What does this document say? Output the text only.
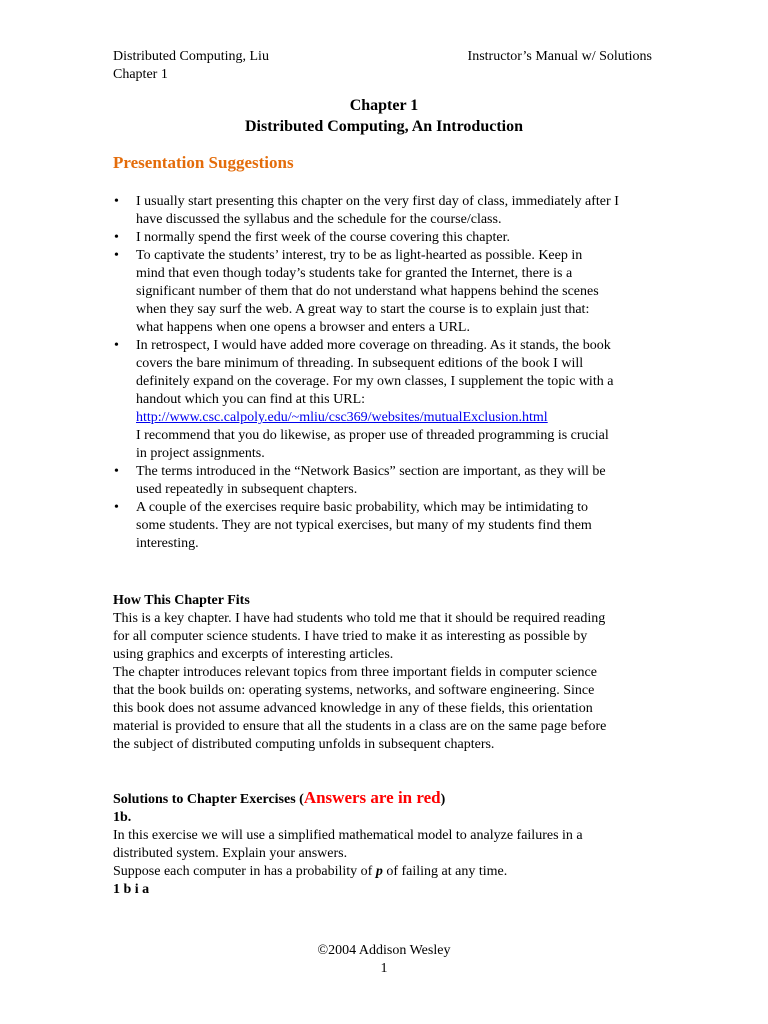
Distributed Computing, Liu
Chapter 1
Instructor’s Manual w/ Solutions
Chapter 1
Distributed Computing, An Introduction
Presentation Suggestions
• I usually start presenting this chapter on the very first day of class, immediately after I
have discussed the syllabus and the schedule for the course/class.
• I normally spend the first week of the course covering this chapter.
• To captivate the students’ interest, try to be as light-hearted as possible. Keep in
mind that even though today’s students take for granted the Internet, there is a
significant number of them that do not understand what happens behind the scenes
when they say surf the web. A great way to start the course is to explain just that:
what happens when one opens a browser and enters a URL.
• In retrospect, I would have added more coverage on threading. As it stands, the book
covers the bare minimum of threading. In subsequent editions of the book I will
definitely expand on the coverage. For my own classes, I supplement the topic with a
handout which you can find at this URL:
http://www.csc.calpoly.edu/~mliu/csc369/websites/mutualExclusion.html
I recommend that you do likewise, as proper use of threaded programming is crucial
in project assignments.
• The terms introduced in the “Network Basics” section are important, as they will be
used repeatedly in subsequent chapters.
• A couple of the exercises require basic probability, which may be intimidating to
some students. They are not typical exercises, but many of my students find them
interesting.
How This Chapter Fits
This is a key chapter. I have had students who told me that it should be required reading
for all computer science students. I have tried to make it as interesting as possible by
using graphics and excerpts of interesting articles.
The chapter introduces relevant topics from three important fields in computer science
that the book builds on: operating systems, networks, and software engineering. Since
this book does not assume advanced knowledge in any of these fields, this orientation
material is provided to ensure that all the students in a class are on the same page before
the subject of distributed computing unfolds in subsequent chapters.
Solutions to Chapter Exercises (Answers are in red)
1b.
In this exercise we will use a simplified mathematical model to analyze failures in a
distributed system. Explain your answers.
Suppose each computer in has a probability of p of failing at any time.
1 b i a
©2004 Addison Wesley
1
